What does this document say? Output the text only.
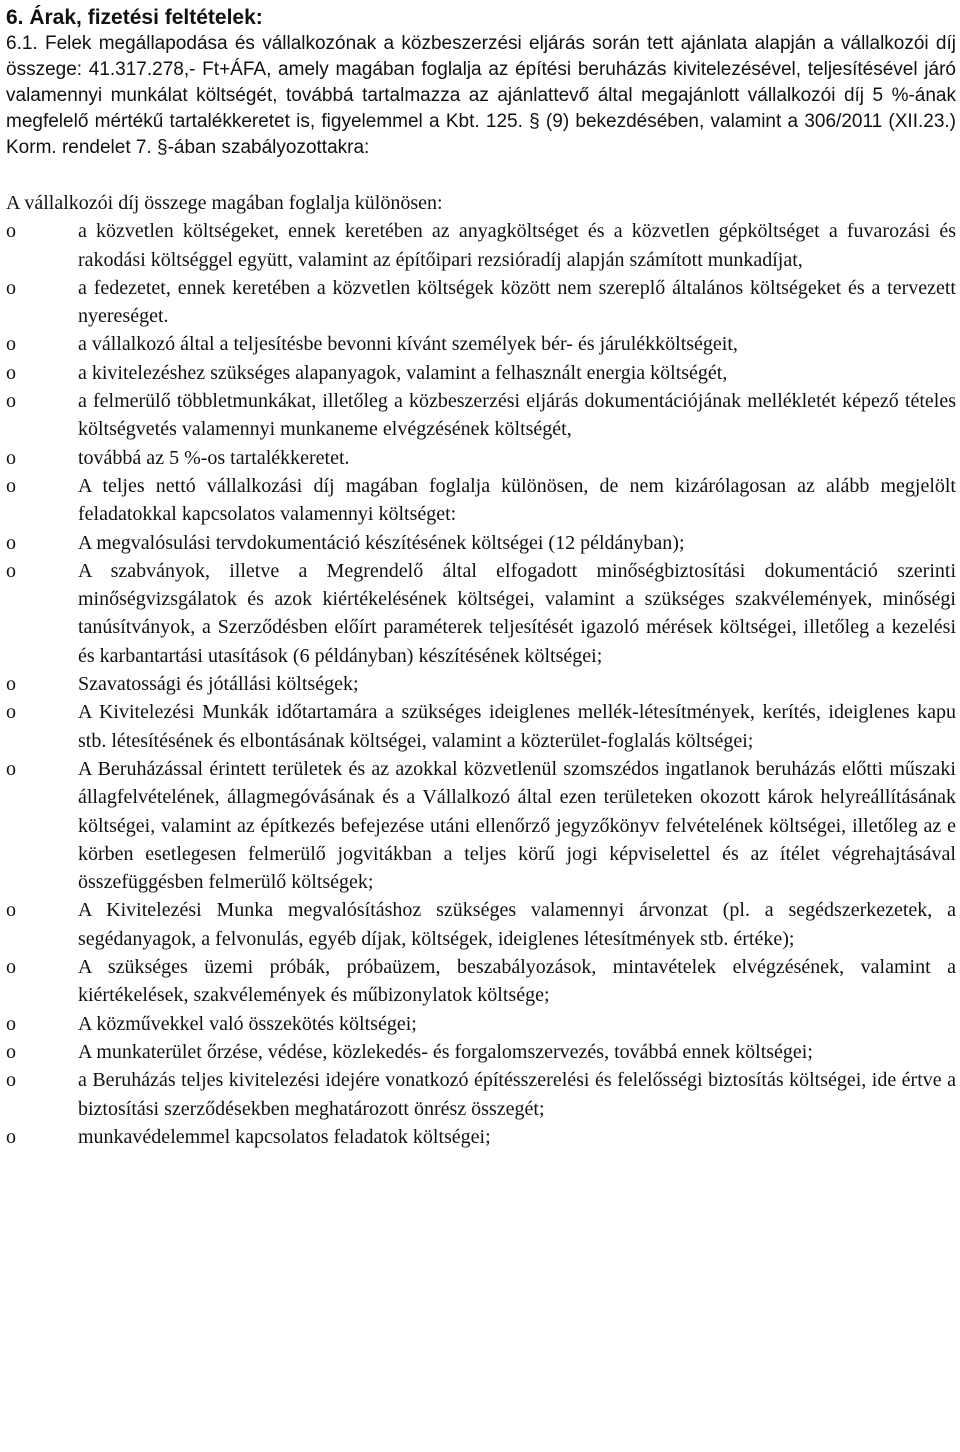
6. Árak, fizetési feltételek:

6.1. Felek megállapodása és vállalkozónak a közbeszerzési eljárás során tett ajánlata alapján a vállalkozói díj összege: 41.317.278,- Ft+ÁFA, amely magában foglalja az építési beruházás kivitelezésével, teljesítésével járó valamennyi munkálat költségét, továbbá tartalmazza az ajánlattevő által megajánlott vállalkozói díj 5 %-ának megfelelő mértékű tartalékkeretet is, figyelemmel a Kbt. 125. § (9) bekezdésében, valamint a 306/2011 (XII.23.) Korm. rendelet 7. §-ában szabályozottakra:

A vállalkozói díj összege magában foglalja különösen:

o	a közvetlen költségeket, ennek keretében az anyagköltséget és a közvetlen gépköltséget a fuvarozási és rakodási költséggel együtt, valamint az építőipari rezsióradíj alapján számított munkadíjat,
o	a fedezetet, ennek keretében a közvetlen költségek között nem szereplő általános költségeket és a tervezett nyereséget.
o	a vállalkozó által a teljesítésbe bevonni kívánt személyek bér- és járulékköltségeit,
o	a kivitelezéshez szükséges alapanyagok, valamint a felhasznált energia költségét,
o	a felmerülő többletmunkákat, illetőleg a közbeszerzési eljárás dokumentációjának mellékletét képező tételes költségvetés valamennyi munkaneme elvégzésének költségét,
o	továbbá az 5 %-os tartalékkeretet.
o	A teljes nettó vállalkozási díj magában foglalja különösen, de nem kizárólagosan az alább megjelölt feladatokkal kapcsolatos valamennyi költséget:
o	A megvalósulási tervdokumentáció készítésének költségei (12 példányban);
o	A szabványok, illetve a Megrendelő által elfogadott minőségbiztosítási dokumentáció szerinti minőségvizsgálatok és azok kiértékelésének költségei, valamint a szükséges szakvélemények, minőségi tanúsítványok, a Szerződésben előírt paraméterek teljesítését igazoló mérések költségei, illetőleg a kezelési és karbantartási utasítások (6 példányban) készítésének költségei;
o	Szavatossági és jótállási költségek;
o	A Kivitelezési Munkák időtartamára a szükséges ideiglenes mellék-létesítmények, kerítés, ideiglenes kapu stb. létesítésének és elbontásának költségei, valamint a közterület-foglalás költségei;
o	A Beruházással érintett területek és az azokkal közvetlenül szomszédos ingatlanok beruházás előtti műszaki állagfelvételének, állagmegóvásának és a Vállalkozó által ezen területeken okozott károk helyreállításának költségei, valamint az építkezés befejezése utáni ellenőrző jegyzőkönyv felvételének költségei, illetőleg az e körben esetlegesen felmerülő jogvitákban a teljes körű jogi képviselettel és az ítélet végrehajtásával összefüggésben felmerülő költségek;
o	A Kivitelezési Munka megvalósításhoz szükséges valamennyi árvonzat (pl. a segédszerkezetek, a segédanyagok, a felvonulás, egyéb díjak, költségek, ideiglenes létesítmények stb. értéke);
o	A szükséges üzemi próbák, próbaüzem, beszabályozások, mintavételek elvégzésének, valamint a kiértékelések, szakvélemények és műbizonylatok költsége;
o	A közművekkel való összekötés költségei;
o	A munkaterület őrzése, védése, közlekedés- és forgalomszervezés, továbbá ennek költségei;
o	a Beruházás teljes kivitelezési idejére vonatkozó építésszerelési és felelősségi biztosítás költségei, ide értve a biztosítási szerződésekben meghatározott önrész összegét;
o	munkavédelemmel kapcsolatos feladatok költségei;
